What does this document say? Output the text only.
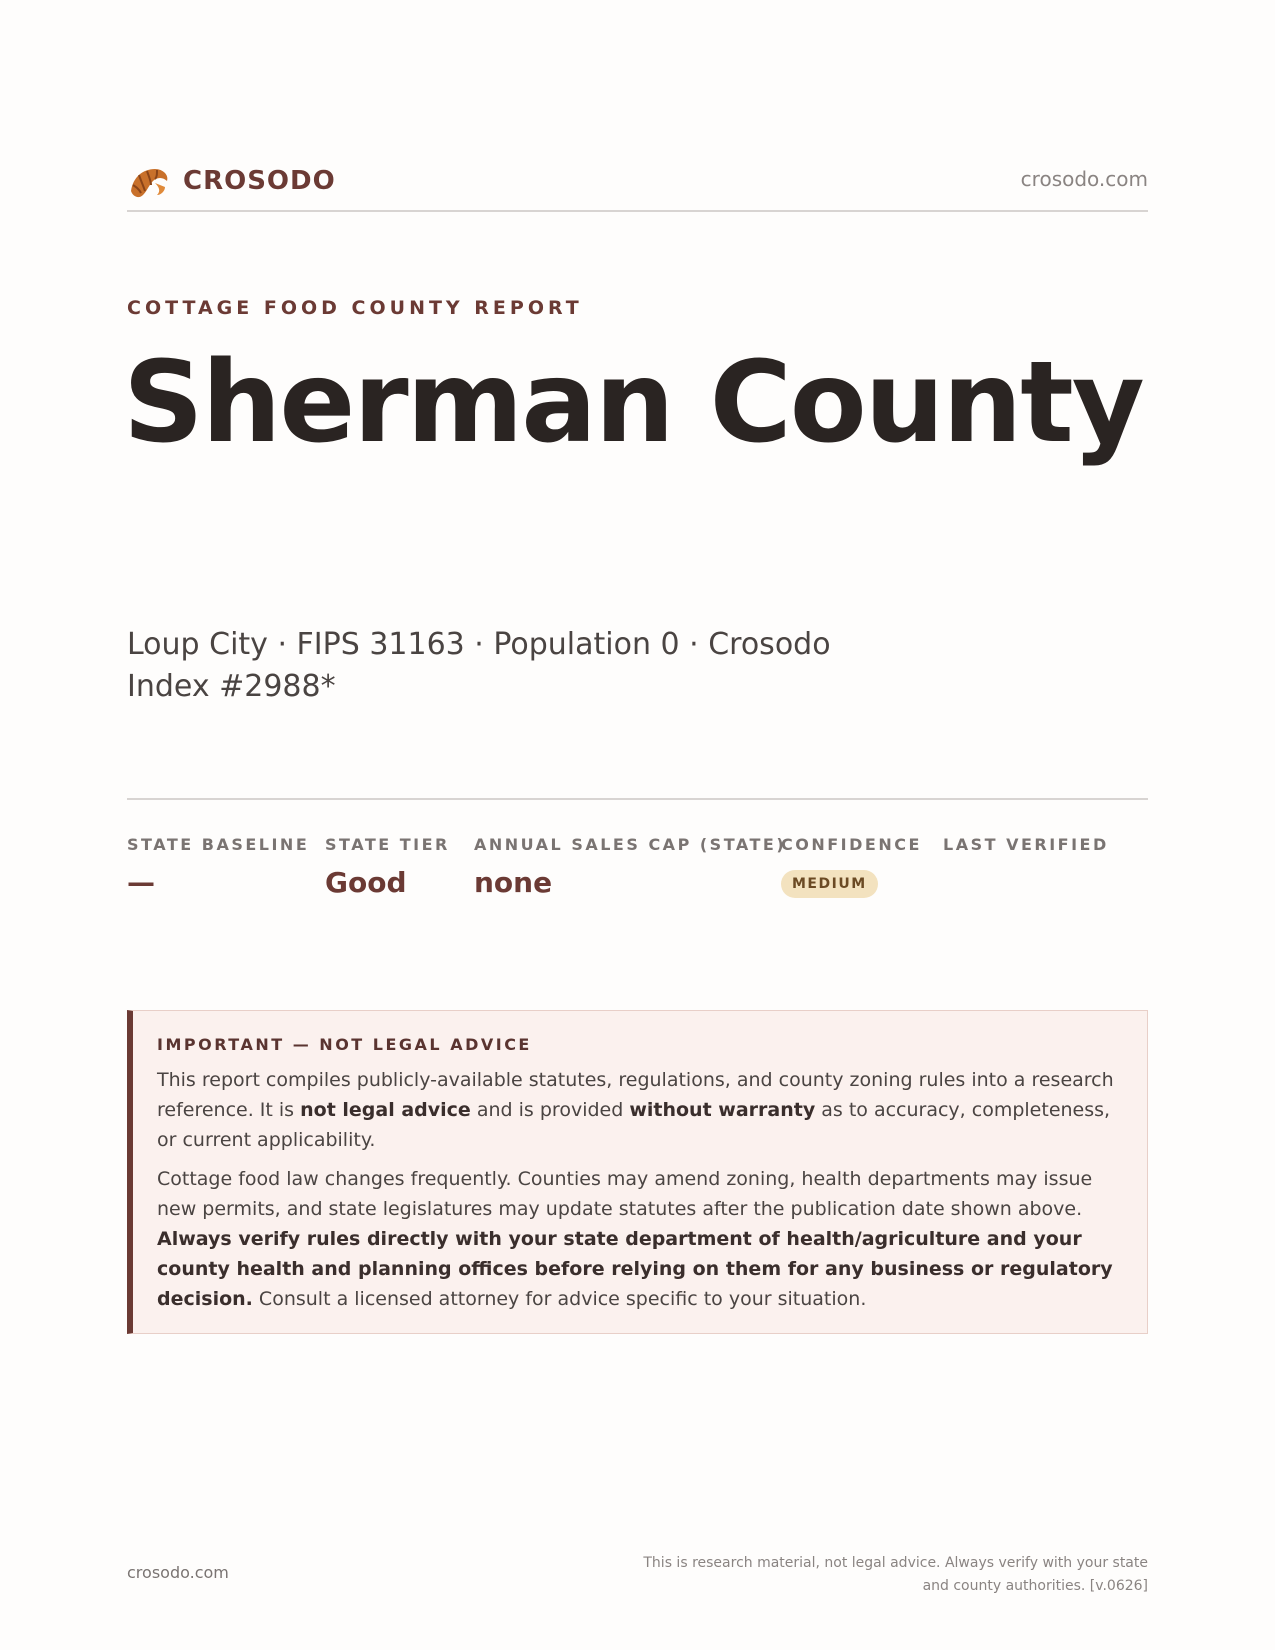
CROSODO	crosodo.com
COTTAGE FOOD COUNTY REPORT
Sherman County
Loup City · FIPS 31163 · Population 0 · Crosodo Index #2988*
STATE BASELINE
—
STATE TIER
Good
ANNUAL SALES CAP (STATE)
none
CONFIDENCE
MEDIUM
LAST VERIFIED
IMPORTANT — NOT LEGAL ADVICE

This report compiles publicly-available statutes, regulations, and county zoning rules into a research reference. It is not legal advice and is provided without warranty as to accuracy, completeness, or current applicability.

Cottage food law changes frequently. Counties may amend zoning, health departments may issue new permits, and state legislatures may update statutes after the publication date shown above. Always verify rules directly with your state department of health/agriculture and your county health and planning offices before relying on them for any business or regulatory decision. Consult a licensed attorney for advice specific to your situation.

crosodo.com	This is research material, not legal advice. Always verify with your state
and county authorities. [v.0626]
